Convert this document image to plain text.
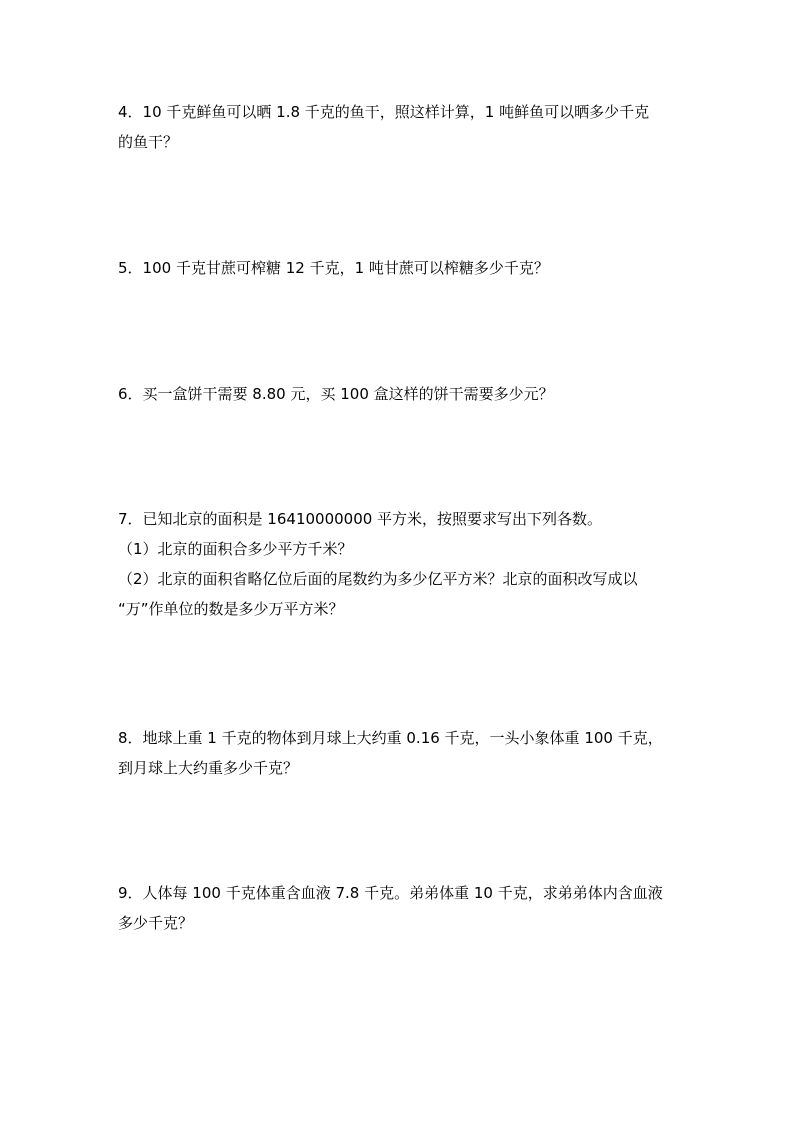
4．10 千克鲜鱼可以晒 1.8 千克的鱼干，照这样计算，1 吨鲜鱼可以晒多少千克
的鱼干？
5．100 千克甘蔗可榨糖 12 千克，1 吨甘蔗可以榨糖多少千克？
6．买一盒饼干需要 8.80 元，买 100 盒这样的饼干需要多少元？
7．已知北京的面积是 16410000000 平方米，按照要求写出下列各数。
（1）北京的面积合多少平方千米？
（2）北京的面积省略亿位后面的尾数约为多少亿平方米？北京的面积改写成以
“万”作单位的数是多少万平方米？
8．地球上重 1 千克的物体到月球上大约重 0.16 千克，一头小象体重 100 千克，
到月球上大约重多少千克？
9．人体每 100 千克体重含血液 7.8 千克。弟弟体重 10 千克，求弟弟体内含血液
多少千克？
